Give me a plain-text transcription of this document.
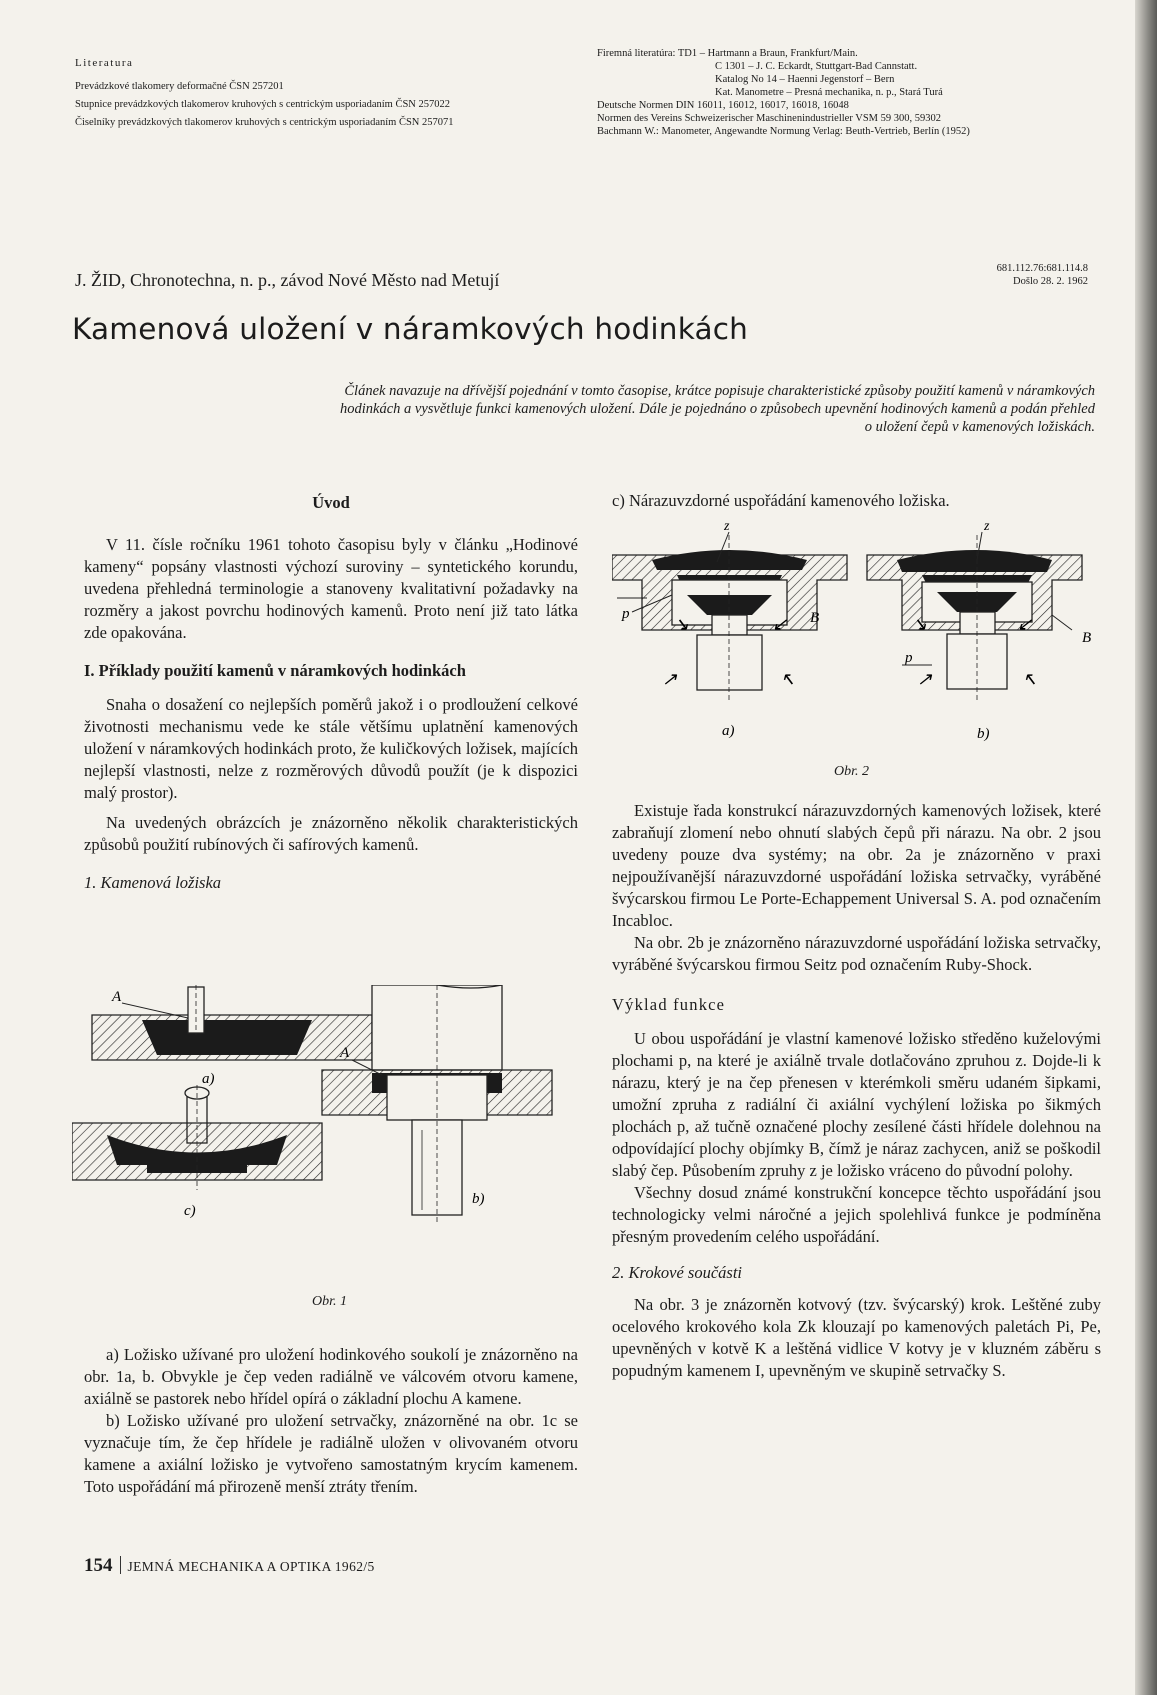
Literatura

Prevádzkové tlakomery deformačné ČSN 257201

Stupnice prevádzkových tlakomerov kruhových s centrickým usporiadaním ČSN 257022

Čiselníky prevádzkových tlakomerov kruhových s centrickým usporiadaním ČSN 257071

Firemná literatúra: TD1 – Hartmann a Braun, Frankfurt/Main.

C 1301 – J. C. Eckardt, Stuttgart-Bad Cannstatt.

Katalog No 14 – Haenni Jegenstorf – Bern

Kat. Manometre – Presná mechanika, n. p., Stará Turá

Deutsche Normen DIN 16011, 16012, 16017, 16018, 16048

Normen des Vereins Schweizerischer Maschinenindustrieller VSM 59 300, 59302

Bachmann W.: Manometer, Angewandte Normung Verlag: Beuth-Vertrieb, Berlín (1952)

681.112.76:681.114.8
Došlo 28. 2. 1962
J. ŽID, Chronotechna, n. p., závod Nové Město nad Metují
Kamenová uložení v náramkových hodinkách
Článek navazuje na dřívější pojednání v tomto časopise, krátce popisuje charakteristické způsoby použití kamenů v náramkových hodinkách a vysvětluje funkci kamenových uložení. Dále je pojednáno o způsobech upevnění hodinových kamenů a podán přehled o uložení čepů v kamenových ložiskách.
Úvod

V 11. čísle ročníku 1961 tohoto časopisu byly v článku „Hodinové kameny“ popsány vlastnosti výchozí suroviny – syntetického korundu, uvedena přehledná terminologie a stanoveny kvalitativní požadavky na rozměry a jakost povrchu hodinových kamenů. Proto není již tato látka zde opakována.

I. Příklady použití kamenů v náramkových hodinkách

Snaha o dosažení co nejlepších poměrů jakož i o prodloužení celkové životnosti mechanismu vede ke stále většímu uplatnění kamenových uložení v náramkových hodinkách proto, že kuličkových ložisek, majících nejlepší vlastnosti, nelze z rozměrových důvodů použít (je k dispozici malý prostor).

Na uvedených obrázcích je znázorněno několik charakteristických způsobů použití rubínových či safírových kamenů.

1. Kamenová ložiska
A
a)
c)
A
b)
Obr. 1

a) Ložisko užívané pro uložení hodinkového soukolí je znázorněno na obr. 1a, b. Obvykle je čep veden radiálně ve válcovém otvoru kamene, axiálně se pastorek nebo hřídel opírá o základní plochu A kamene.

b) Ložisko užívané pro uložení setrvačky, znázorněné na obr. 1c se vyznačuje tím, že čep hřídele je radiálně uložen v olivovaném otvoru kamene a axiální ložisko je vytvořeno samostatným krycím kamenem. Toto uspořádání má přirozeně menší ztráty třením.

c) Nárazuvzdorné uspořádání kamenového ložiska.
z
B
p ↘	↙
↗	↖
a)
z
B
p
↘	↙
↗	↖
b)
Obr. 2

Existuje řada konstrukcí nárazuvzdorných kamenových ložisek, které zabraňují zlomení nebo ohnutí slabých čepů při nárazu. Na obr. 2 jsou uvedeny pouze dva systémy; na obr. 2a je znázorněno v praxi nejpoužívanější nárazuvzdorné uspořádání ložiska setrvačky, vyráběné švýcarskou firmou Le Porte-Echappement Universal S. A. pod označením Incabloc.

Na obr. 2b je znázorněno nárazuvzdorné uspořádání ložiska setrvačky, vyráběné švýcarskou firmou Seitz pod označením Ruby-Shock.

Výklad funkce

U obou uspořádání je vlastní kamenové ložisko středěno kuželovými plochami p, na které je axiálně trvale dotlačováno zpruhou z. Dojde-li k nárazu, který je na čep přenesen v kterémkoli směru udaném šipkami, umožní zpruha z radiální či axiální vychýlení ložiska po šikmých plochách p, až tučně označené plochy zesílené části hřídele dolehnou na odpovídající plochy objímky B, čímž je náraz zachycen, aniž se poškodil slabý čep. Působením zpruhy z je ložisko vráceno do původní polohy.

Všechny dosud známé konstrukční koncepce těchto uspořádání jsou technologicky velmi náročné a jejich spolehlivá funkce je podmíněna přesným provedením celého uspořádání.

2. Krokové součásti

Na obr. 3 je znázorněn kotvový (tzv. švýcarský) krok. Leštěné zuby ocelového krokového kola Zk klouzají po kamenových paletách Pi, Pe, upevněných v kotvě K a leštěná vidlice V kotvy je v kluzném záběru s popudným kamenem I, upevněným ve skupině setrvačky S.

154 JEMNÁ MECHANIKA A OPTIKA 1962/5
